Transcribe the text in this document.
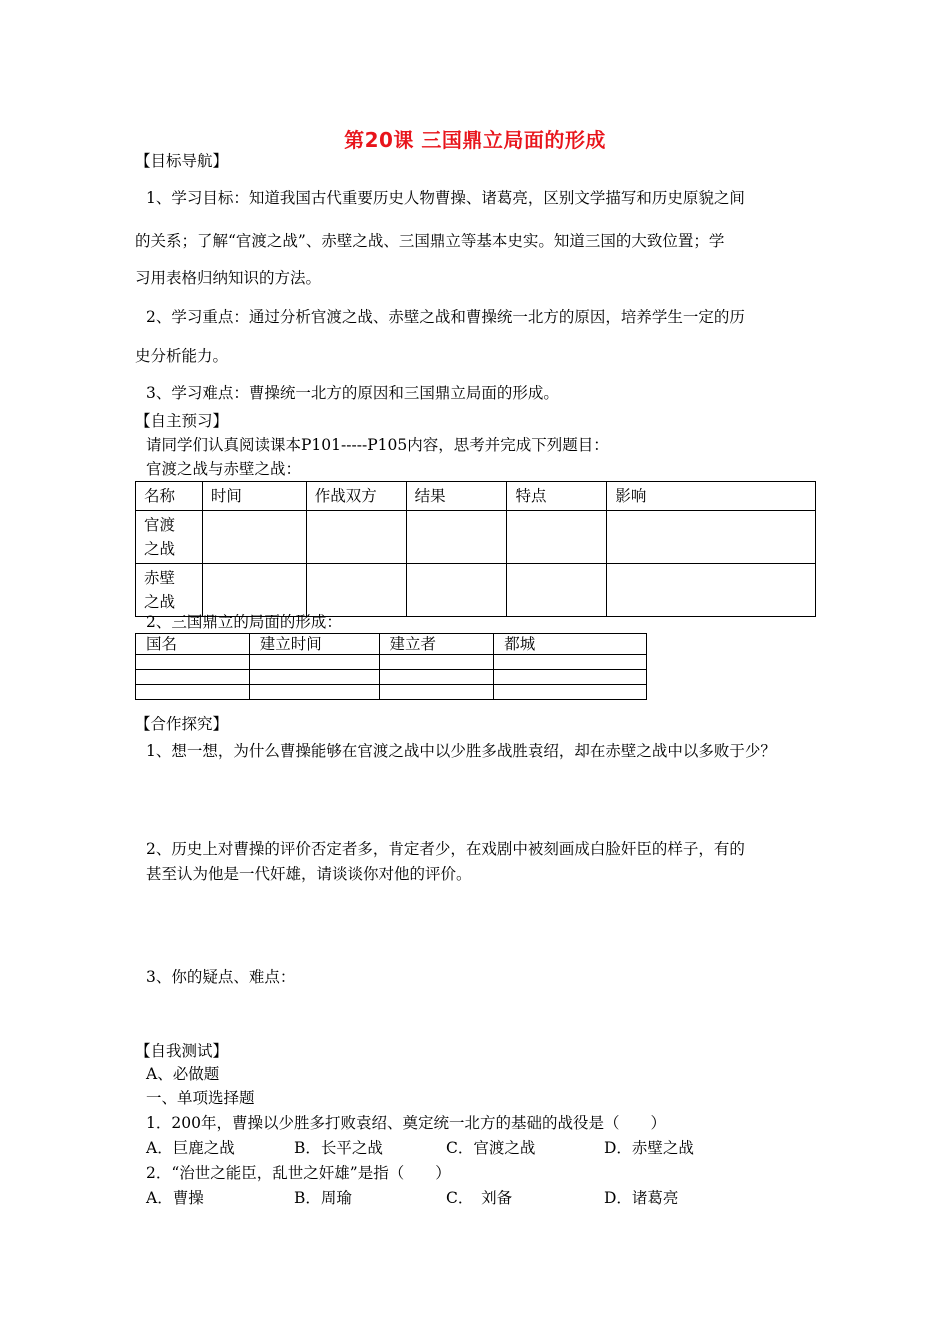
第20课 三国鼎立局面的形成
【目标导航】
1、学习目标：知道我国古代重要历史人物曹操、诸葛亮，区别文学描写和历史原貌之间
的关系；了解“官渡之战”、赤壁之战、三国鼎立等基本史实。知道三国的大致位置；学
习用表格归纳知识的方法。
2、学习重点：通过分析官渡之战、赤壁之战和曹操统一北方的原因，培养学生一定的历
史分析能力。
3、学习难点：曹操统一北方的原因和三国鼎立局面的形成。
【自主预习】
请同学们认真阅读课本P101-----P105内容，思考并完成下列题目：
官渡之战与赤壁之战：
名称	时间	作战双方	结果	特点	影响
官渡
之战					
赤壁
之战					
2、三国鼎立的局面的形成：
国名	建立时间	建立者	都城

【合作探究】
1、想一想，为什么曹操能够在官渡之战中以少胜多战胜袁绍，却在赤壁之战中以多败于少？
2、历史上对曹操的评价否定者多，肯定者少，在戏剧中被刻画成白脸奸臣的样子，有的
甚至认为他是一代奸雄，请谈谈你对他的评价。
3、你的疑点、难点：
【自我测试】
A、必做题
一、单项选择题
1．200年，曹操以少胜多打败袁绍、奠定统一北方的基础的战役是（　　）
A．巨鹿之战	B．长平之战	C．官渡之战	D．赤壁之战
2．“治世之能臣，乱世之奸雄”是指（　　）
A．曹操	B．周瑜	C．　刘备	D．诸葛亮
